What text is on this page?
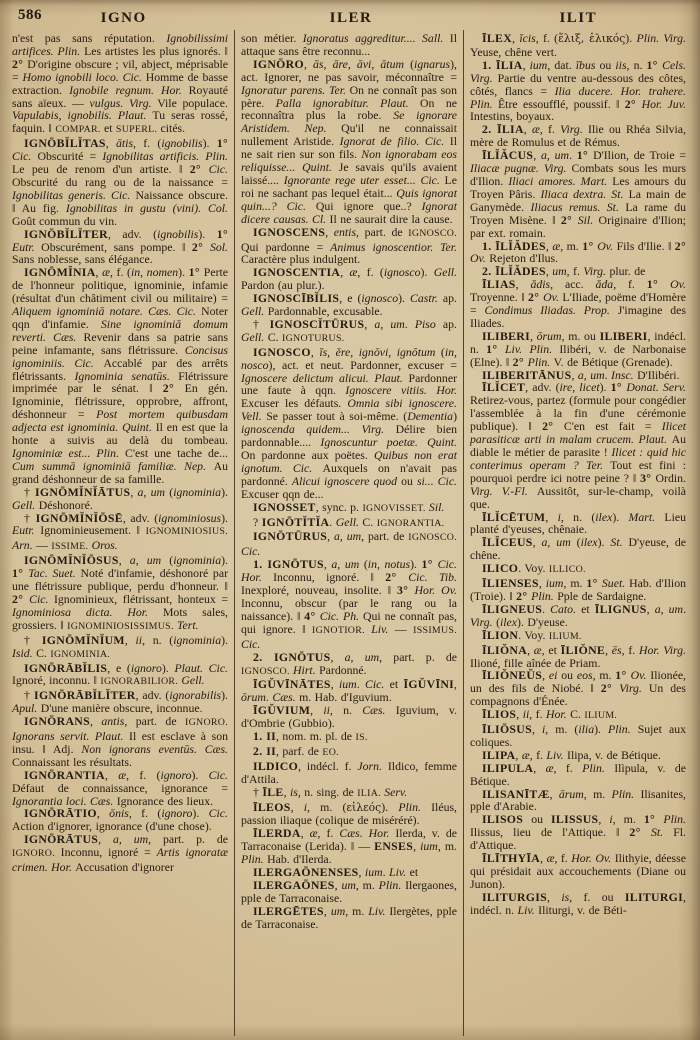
586	IGNO	ILER	ILIT

n'est pas sans réputation. Ignobilissimi artifices. Plin. Les artistes les plus ignorés. ‖ 2° D'origine obscure ; vil, abject, méprisable = Homo ignobili loco. Cic. Homme de basse extraction. Ignobile regnum. Hor. Royauté sans aïeux. — vulgus. Virg. Vile populace. Vapulabis, ignobilis. Plaut. Tu seras rossé, faquin. ‖ COMPAR. et SUPERL. cités.

IGNŌBĬLĬTAS, ātis, f. (ignobilis). 1° Cic. Obscurité = Ignobilitas artificis. Plin. Le peu de renom d'un artiste. ‖ 2° Cic. Obscurité du rang ou de la naissance = Ignobilitas generis. Cic. Naissance obscure. ‖ Au fig. Ignobilitas in gustu (vini). Col. Goût commun du vin.

IGNŌBĬLĬTER, adv. (ignobilis). 1° Eutr. Obscurément, sans pompe. ‖ 2° Sol. Sans noblesse, sans élégance.

IGNŌMĬNIA, æ, f. (in, nomen). 1° Perte de l'honneur politique, ignominie, infamie (résultat d'un châtiment civil ou militaire) = Aliquem ignominiā notare. Cæs. Cic. Noter qqn d'infamie. Sine ignominiā domum reverti. Cæs. Revenir dans sa patrie sans peine infamante, sans flétrissure. Concisus ignominiis. Cic. Accablé par des arrêts flétrissants. Ignominia senatūs. Flétrissure imprimée par le sénat. ‖ 2° En gén. Ignominie, flétrissure, opprobre, affront, déshonneur = Post mortem quibusdam adjecta est ignominia. Quint. Il en est que la honte a suivis au delà du tombeau. Ignominiæ est... Plin. C'est une tache de... Cum summā ignominiā familiæ. Nep. Au grand déshonneur de sa famille.

† IGNŌMĬNĬĀTUS, a, um (ignominia). Gell. Déshonoré.

† IGNŌMĬNĬŌSĒ, adv. (ignominiosus). Eutr. Ignominieusement. ‖ IGNOMINIOSIUS. Arn. — ISSIME. Oros.

IGNŌMĬNĬŌSUS, a, um (ignominia). 1° Tac. Suet. Noté d'infamie, déshonoré par une flétrissure publique, perdu d'honneur. ‖ 2° Cic. Ignominieux, flétrissant, honteux = Ignominiosa dicta. Hor. Mots sales, grossiers. ‖ IGNOMINIOSISSIMUS. Tert.

† IGNŌMĬNĬUM, ii, n. (ignominia). Isid. C. IGNOMINIA.

IGNŌRĀBĬLIS, e (ignoro). Plaut. Cic. Ignoré, inconnu. ‖ IGNORABILIOR. Gell.

† IGNŌRĀBĬLĬTER, adv. (ignorabilis). Apul. D'une manière obscure, inconnue.

IGNŌRANS, antis, part. de IGNORO. Ignorans servit. Plaut. Il est esclave à son insu. ‖ Adj. Non ignorans eventūs. Cæs. Connaissant les résultats.

IGNŌRANTIA, æ, f. (ignoro). Cic. Défaut de connaissance, ignorance = Ignorantia loci. Cæs. Ignorance des lieux.

IGNŌRĀTIO, ōnis, f. (ignoro). Cic. Action d'ignorer, ignorance (d'une chose).

IGNŌRĀTUS, a, um, part. p. de IGNORO. Inconnu, ignoré = Artis ignoratæ crimen. Hor. Accusation d'ignorer

son métier. Ignoratus aggreditur.... Sall. Il attaque sans être reconnu...

IGNŌRO, ās, āre, āvi, ātum (ignarus), act. Ignorer, ne pas savoir, méconnaître = Ignoratur parens. Ter. On ne connaît pas son père. Palla ignorabitur. Plaut. On ne reconnaîtra plus la robe. Se ignorare Aristidem. Nep. Qu'il ne connaissait nullement Aristide. Ignorat de filio. Cic. Il ne sait rien sur son fils. Non ignorabam eos reliquisse... Quint. Je savais qu'ils avaient laissé.... Ignorante rege uter esset... Cic. Le roi ne sachant pas lequel était... Quis ignorat quin...? Cic. Qui ignore que..? Ignorat dicere causas. Cl. Il ne saurait dire la cause.

IGNOSCENS, entis, part. de IGNOSCO. Qui pardonne = Animus ignoscentior. Ter. Caractère plus indulgent.

IGNOSCENTIA, æ, f. (ignosco). Gell. Pardon (au plur.).

IGNOSCĪBĬLIS, e (ignosco). Castr. ap. Gell. Pardonnable, excusable.

† IGNOSCĬTŪRUS, a, um. Piso ap. Gell. C. IGNOTURUS.

IGNOSCO, ĭs, ĕre, ignōvi, ignōtum (in, nosco), act. et neut. Pardonner, excuser = Ignoscere delictum alicui. Plaut. Pardonner une faute à qqn. Ignoscere vitiis. Hor. Excuser les défauts. Omnia sibi ignoscere. Vell. Se passer tout à soi-même. (Dementia) ignoscenda quidem... Virg. Délire bien pardonnable.... Ignoscuntur poetæ. Quint. On pardonne aux poëtes. Quibus non erat ignotum. Cic. Auxquels on n'avait pas pardonné. Alicui ignoscere quod ou si... Cic. Excuser qqn de...

IGNOSSET, sync. p. IGNOVISSET. Sil.

? IGNŌTĬTĬA. Gell. C. IGNORANTIA.

IGNŌTŪRUS, a, um, part. de IGNOSCO. Cic.

1. IGNŌTUS, a, um (in, notus). 1° Cic. Hor. Inconnu, ignoré. ‖ 2° Cic. Tib. Inexploré, nouveau, insolite. ‖ 3° Hor. Ov. Inconnu, obscur (par le rang ou la naissance). ‖ 4° Cic. Ph. Qui ne connaît pas, qui ignore. ‖ IGNOTIOR. Liv. — ISSIMUS. Cic.

2. IGNŌTUS, a, um, part. p. de IGNOSCO. Hirt. Pardonné.

ĪGŬVĪNĀTES, ium. Cic. et ĪGŬVĪNI, ōrum. Cæs. m. Hab. d'Iguvium.

ĪGŬVIUM, ii, n. Cæs. Iguvium, v. d'Ombrie (Gubbio).

1. II, nom. m. pl. de IS.

2. II, parf. de EO.

ILDICO, indécl. f. Jorn. Ildico, femme d'Attila.

† ĪLE, is, n. sing. de ILIA. Serv.

ĪLEOS, i, m. (εἰλεός). Plin. Iléus, passion iliaque (colique de miséréré).

ĪLERDA, æ, f. Cæs. Hor. Ilerda, v. de Tarraconaise (Lerida). ‖ — ENSES, ium, m. Plin. Hab. d'Ilerda.

ILERGAŌNENSES, ium. Liv. et

ILERGAŌNES, um, m. Plin. Ilergaones, pple de Tarraconaise.

ILERGĒTES, um, m. Liv. Ilergètes, pple de Tarraconaise.

ĪLEX, ĭcis, f. (ἕλιξ, ἑλικός). Plin. Virg. Yeuse, chêne vert.

1. ĪLIA, ium, dat. ĭbus ou iis, n. 1° Cels. Virg. Partie du ventre au-dessous des côtes, côtés, flancs = Ilia ducere. Hor. trahere. Plin. Être essoufflé, poussif. ‖ 2° Hor. Juv. Intestins, boyaux.

2. ĪLIA, æ, f. Virg. Ilie ou Rhéa Silvia, mère de Romulus et de Rémus.

ĪLĬĂCUS, a, um. 1° D'Ilion, de Troie = Iliacæ pugnæ. Virg. Combats sous les murs d'Ilion. Iliaci amores. Mart. Les amours du Troyen Pâris. Iliaca dextra. St. La main de Ganymède. Iliacus remus. St. La rame du Troyen Misène. ‖ 2° Sil. Originaire d'Ilion; par ext. romain.

1. ĪLĬĂDES, æ, m. 1° Ov. Fils d'Ilie. ‖ 2° Ov. Rejeton d'Ilus.

2. ĪLĬĂDES, um, f. Virg. plur. de

ĪLIAS, ădis, acc. ăda, f. 1° Ov. Troyenne. ‖ 2° Ov. L'Iliade, poëme d'Homère = Condimus Iliadas. Prop. J'imagine des Iliades.

ILIBERI, ōrum, m. ou ILIBERI, indécl. n. 1° Liv. Plin. Ilibéri, v. de Narbonaise (Elne). ‖ 2° Plin. V. de Bétique (Grenade).

ILIBERITĀNUS, a, um. Insc. D'Ilibéri.

ĪLĬCET, adv. (ire, licet). 1° Donat. Serv. Retirez-vous, partez (formule pour congédier l'assemblée à la fin d'une cérémonie publique). ‖ 2° C'en est fait = Ilicet parasiticæ arti in malam crucem. Plaut. Au diable le métier de parasite ! Ilicet : quid hic conterimus operam ? Ter. Tout est fini : pourquoi perdre ici notre peine ? ‖ 3° Ordin. Virg. V.-Fl. Aussitôt, sur-le-champ, voilà que.

ĪLĬCĒTUM, i, n. (ilex). Mart. Lieu planté d'yeuses, chênaie.

ĪLĬCEUS, a, um (ilex). St. D'yeuse, de chêne.

ILICO. Voy. ILLICO.

ĪLIENSES, ium, m. 1° Suet. Hab. d'Ilion (Troie). ‖ 2° Plin. Pple de Sardaigne.

ĪLIGNEUS. Cato. et ĪLIGNUS, a, um. Virg. (ilex). D'yeuse.

ĪLION. Voy. ILIUM.

ĪLIŎNA, æ, et ĪLIŎNE, ēs, f. Hor. Virg. Ilioné, fille aînée de Priam.

ĪLIŎNEŬS, ei ou eos, m. 1° Ov. Ilionée, un des fils de Niobé. ‖ 2° Virg. Un des compagnons d'Énée.

ĪLIOS, ii, f. Hor. C. ILIUM.

ĪLIŌSUS, i, m. (ilia). Plin. Sujet aux coliques.

ILIPA, æ, f. Liv. Ilipa, v. de Bétique.

ILIPULA, æ, f. Plin. Ilìpula, v. de Bétique.

ILISANĪTÆ, ārum, m. Plin. Ilisanites, pple d'Arabie.

ILISOS ou ILISSUS, i, m. 1° Plin. Ilissus, lieu de l'Attique. ‖ 2° St. Fl. d'Attique.

ĪLĪTHYĪA, æ, f. Hor. Ov. Ilithyie, déesse qui présidait aux accouchements (Diane ou Junon).

ILITURGIS, is, f. ou ILITURGI, indécl. n. Liv. Iliturgi, v. de Béti-
